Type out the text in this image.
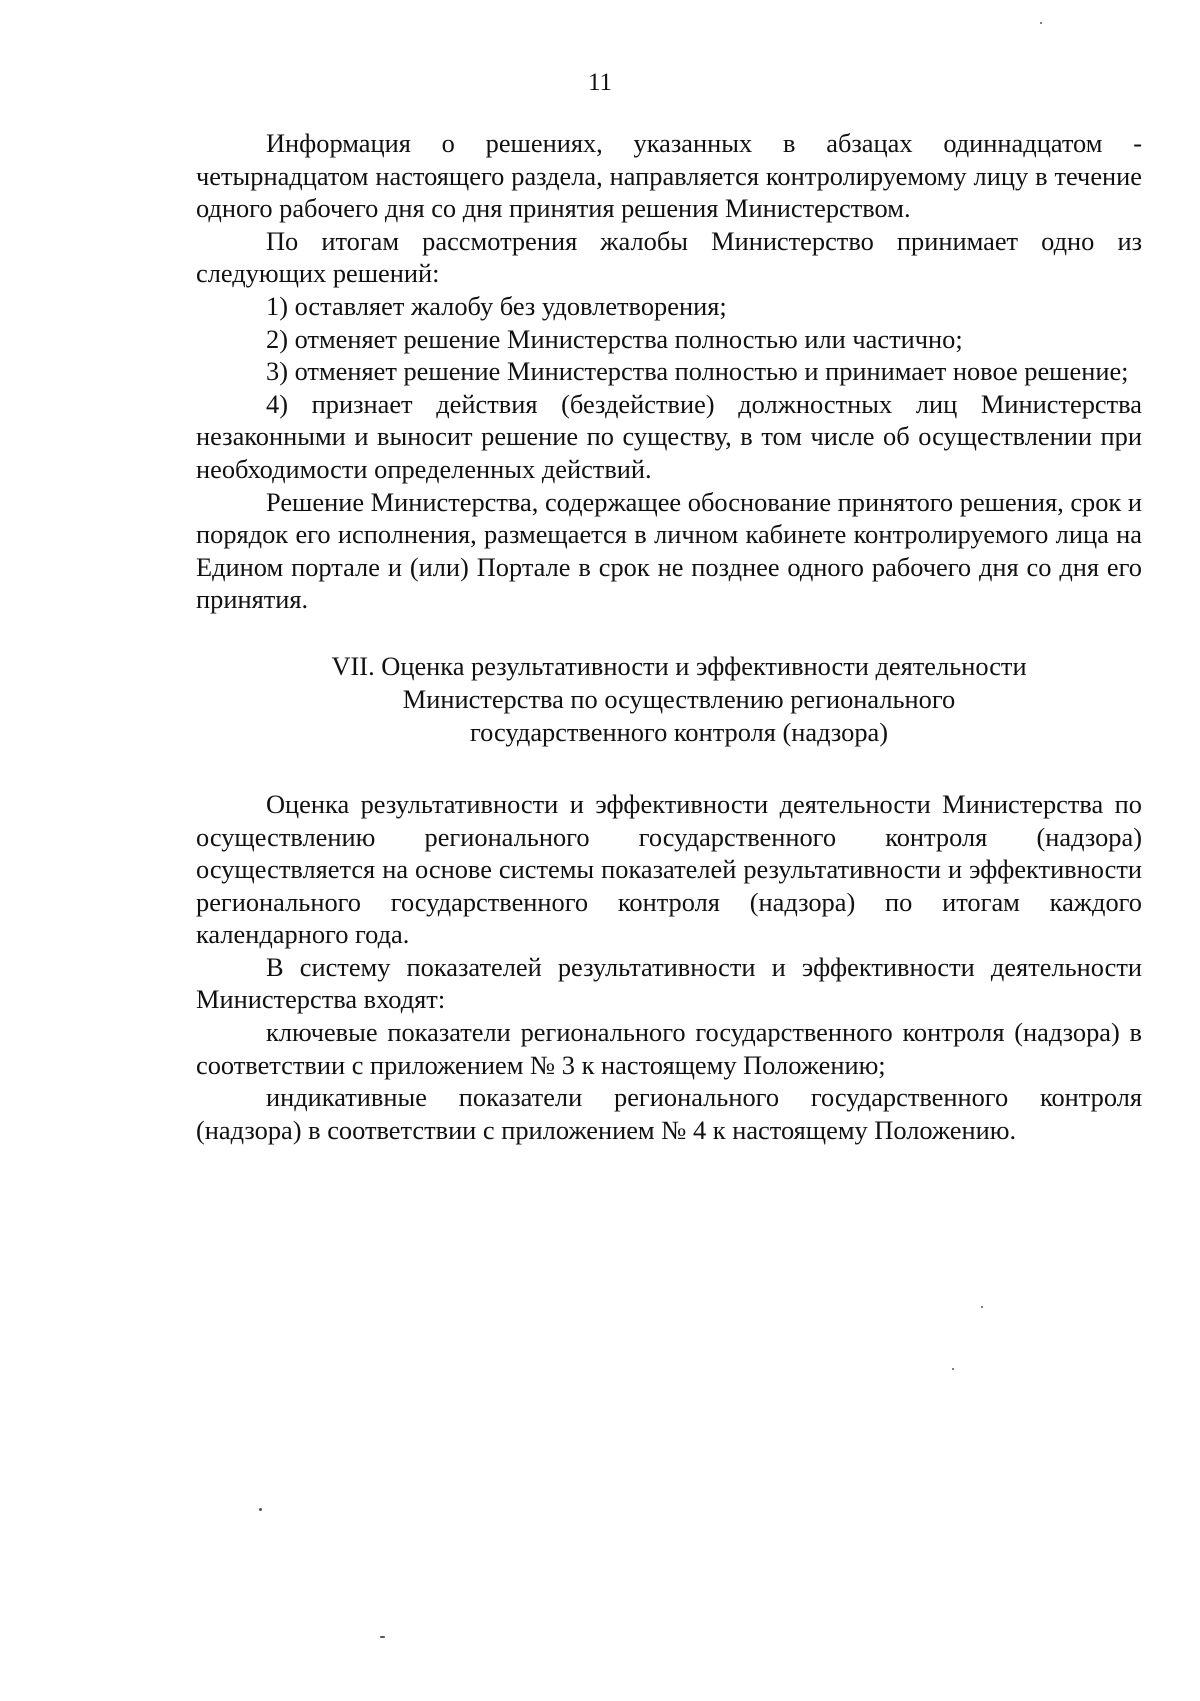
11

Информация о решениях, указанных в абзацах одиннадцатом - четырнадцатом настоящего раздела, направляется контролируемому лицу в течение одного рабочего дня со дня принятия решения Министерством.

По итогам рассмотрения жалобы Министерство принимает одно из следующих решений:

1) оставляет жалобу без удовлетворения;

2) отменяет решение Министерства полностью или частично;

3) отменяет решение Министерства полностью и принимает новое решение;

4) признает действия (бездействие) должностных лиц Министерства незаконными и выносит решение по существу, в том числе об осуществлении при необходимости определенных действий.

Решение Министерства, содержащее обоснование принятого решения, срок и порядок его исполнения, размещается в личном кабинете контролируемого лица на Едином портале и (или) Портале в срок не позднее одного рабочего дня со дня его принятия.

VII. Оценка результативности и эффективности деятельности
Министерства по осуществлению регионального
государственного контроля (надзора)

Оценка результативности и эффективности деятельности Министерства по осуществлению регионального государственного контроля (надзора) осуществляется на основе системы показателей результативности и эффективности регионального государственного контроля (надзора) по итогам каждого календарного года.

В систему показателей результативности и эффективности деятельности Министерства входят:

ключевые показатели регионального государственного контроля (надзора) в соответствии с приложением № 3 к настоящему Положению;

индикативные показатели регионального государственного контроля (надзора) в соответствии с приложением № 4 к настоящему Положению.
